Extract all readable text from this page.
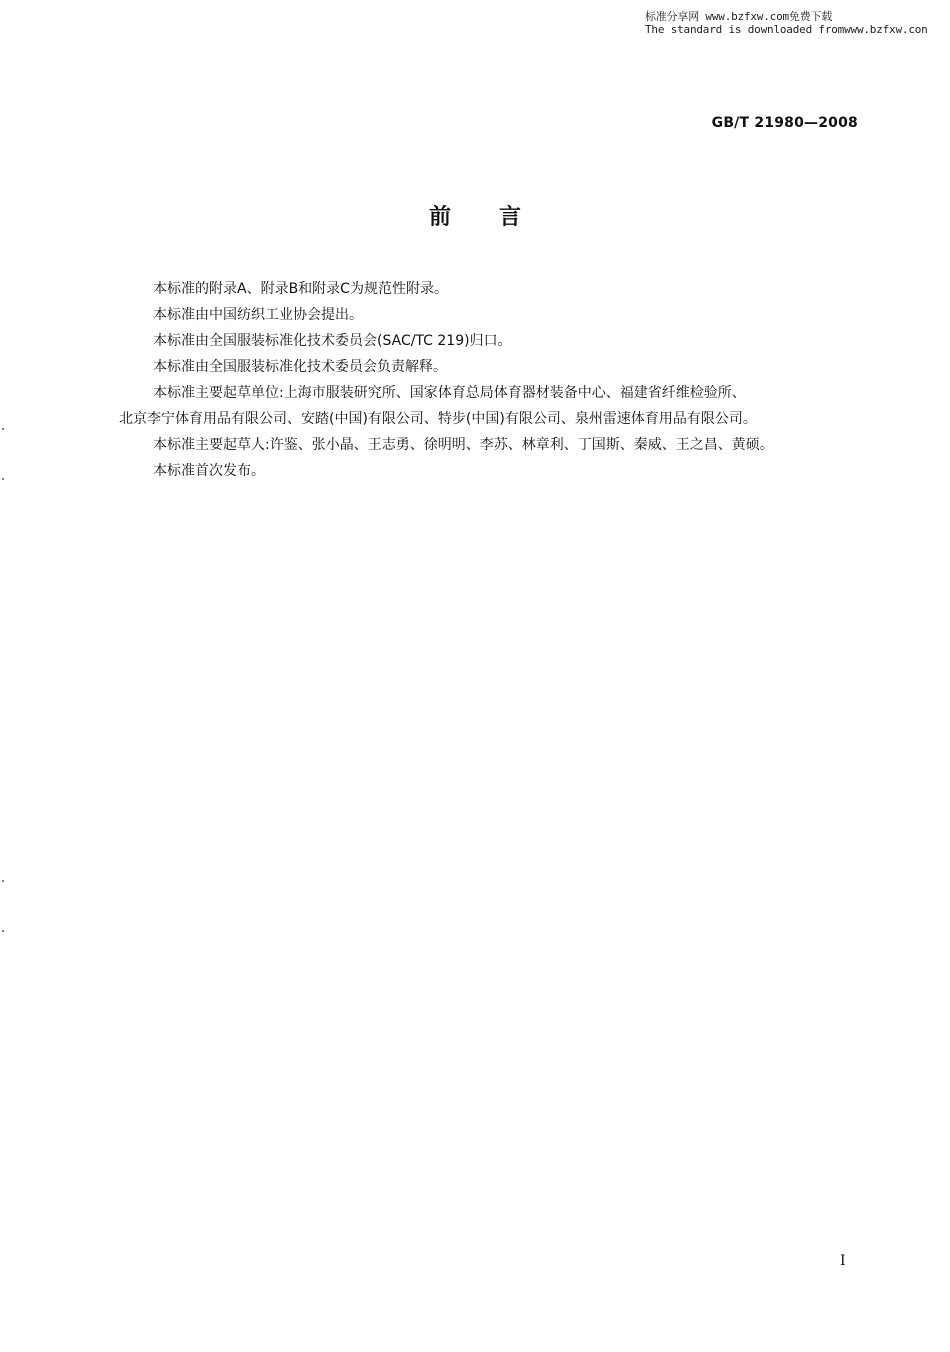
标准分享网 www.bzfxw.com免费下载
The standard is downloaded fromwww.bzfxw.con
GB/T 21980—2008
前言

本标准的附录A、附录B和附录C为规范性附录。

本标准由中国纺织工业协会提出。

本标准由全国服装标准化技术委员会(SAC/TC 219)归口。

本标准由全国服装标准化技术委员会负责解释。

本标准主要起草单位:上海市服装研究所、国家体育总局体育器材装备中心、福建省纤维检验所、

北京李宁体育用品有限公司、安踏(中国)有限公司、特步(中国)有限公司、泉州雷速体育用品有限公司。

本标准主要起草人:许鉴、张小晶、王志勇、徐明明、李苏、林章利、丁国斯、秦威、王之昌、黄硕。

本标准首次发布。

I
